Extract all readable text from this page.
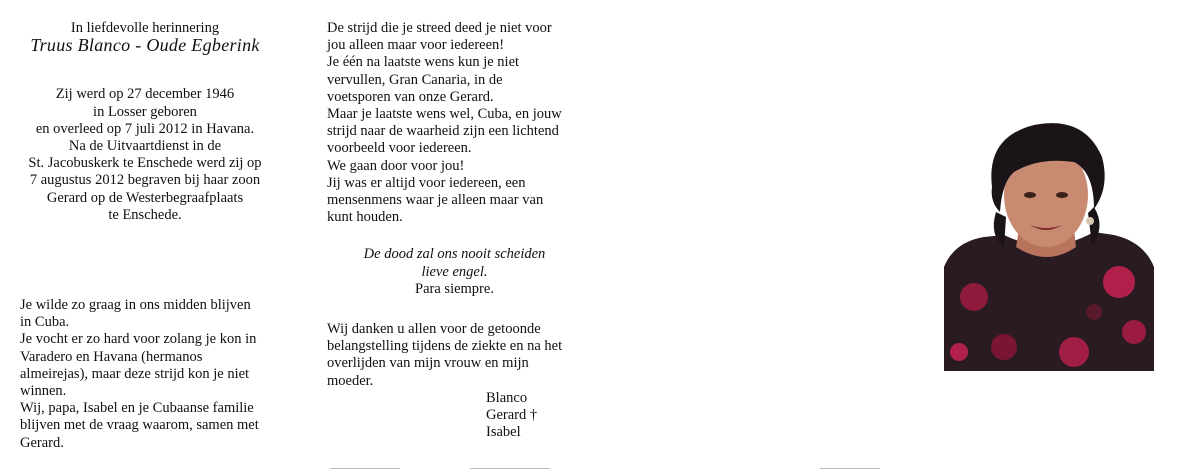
In liefdevolle herinnering

Truus Blanco - Oude Egberink

Zij werd op 27 december 1946

in Losser geboren

en overleed op 7 juli 2012 in Havana.

Na de Uitvaartdienst in de

St. Jacobuskerk te Enschede werd zij op

7 augustus 2012 begraven bij haar zoon

Gerard op de Westerbegraafplaats

te Enschede.

Je wilde zo graag in ons midden blijven

in Cuba.

Je vocht er zo hard voor zolang je kon in

Varadero en Havana (hermanos

almeirejas), maar deze strijd kon je niet

winnen.

Wij, papa, Isabel en je Cubaanse familie

blijven met de vraag waarom, samen met

Gerard.

De strijd die je streed deed je niet voor

jou alleen maar voor iedereen!

Je één na laatste wens kun je niet

vervullen, Gran Canaria, in de

voetsporen van onze Gerard.

Maar je laatste wens wel, Cuba, en jouw

strijd naar de waarheid zijn een lichtend

voorbeeld voor iedereen.

We gaan door voor jou!

Jij was er altijd voor iedereen, een

mensenmens waar je alleen maar van

kunt houden.

De dood zal ons nooit scheiden

lieve engel.

Para siempre.

Wij danken u allen voor de getoonde

belangstelling tijdens de ziekte en na het

overlijden van mijn vrouw en mijn

moeder.

Blanco

Gerard †

Isabel
